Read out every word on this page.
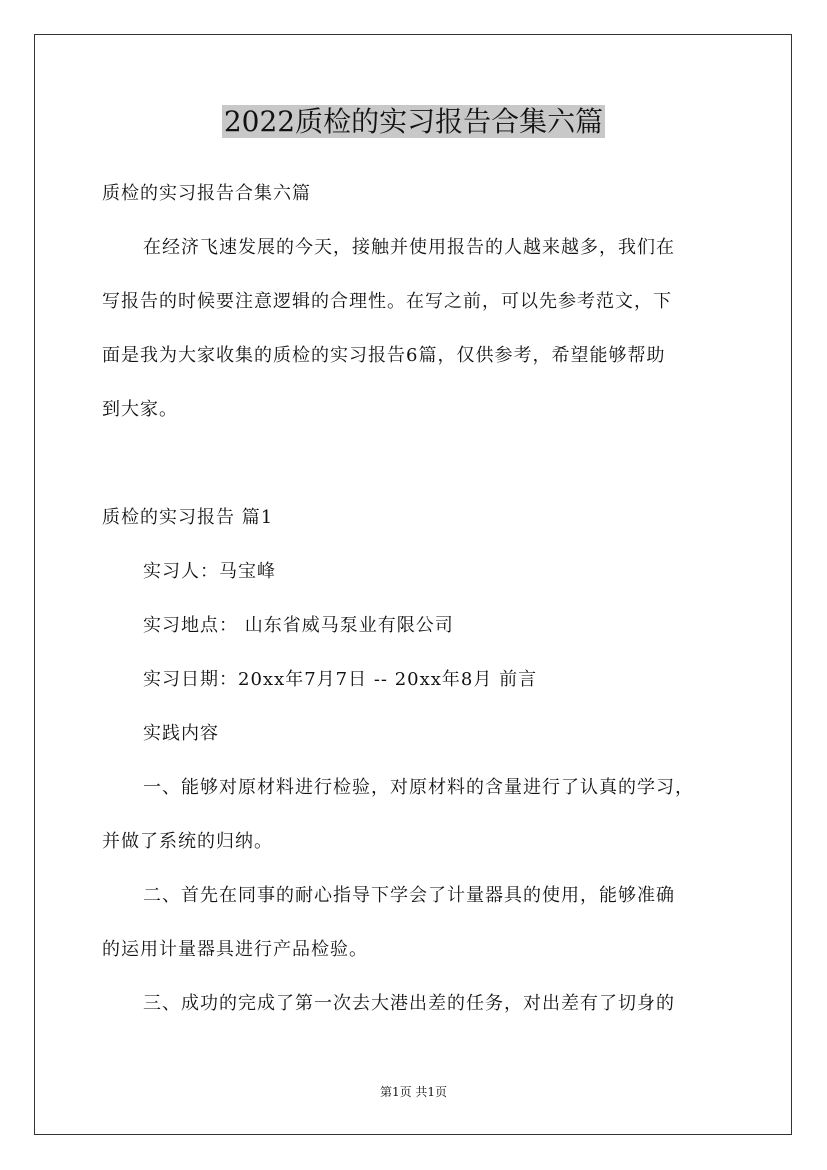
2022质检的实习报告合集六篇
质检的实习报告合集六篇
在经济飞速发展的今天，接触并使用报告的人越来越多，我们在
写报告的时候要注意逻辑的合理性。在写之前，可以先参考范文，下
面是我为大家收集的质检的实习报告6篇，仅供参考，希望能够帮助
到大家。
质检的实习报告 篇1
实习人：马宝峰
实习地点： 山东省威马泵业有限公司
实习日期：20xx年7月7日 -- 20xx年8月 前言
实践内容
一、能够对原材料进行检验，对原材料的含量进行了认真的学习，
并做了系统的归纳。
二、首先在同事的耐心指导下学会了计量器具的使用，能够准确
的运用计量器具进行产品检验。
三、成功的完成了第一次去大港出差的任务，对出差有了切身的
第1页 共1页
